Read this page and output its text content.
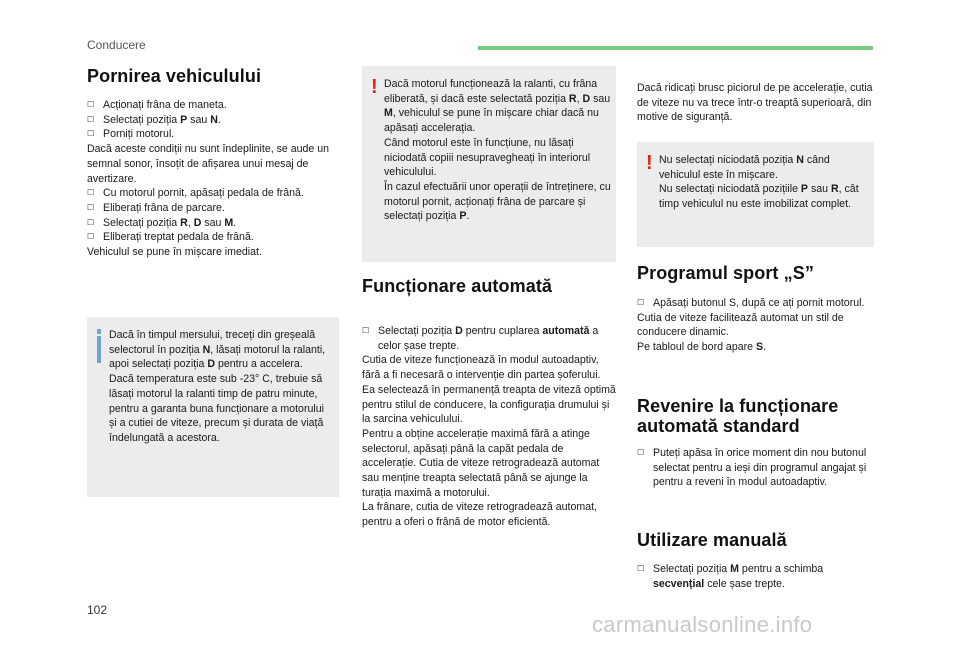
Conducere
Pornirea vehiculului
☐ Acționați frâna de maneta.
☐ Selectați poziția P sau N.
☐ Porniți motorul.

Dacă aceste condiții nu sunt îndeplinite, se aude un semnal sonor, însoțit de afișarea unui mesaj de avertizare.

☐ Cu motorul pornit, apăsați pedala de frână.
☐ Eliberați frâna de parcare.
☐ Selectați poziția R, D sau M.
☐ Eliberați treptat pedala de frână.

Vehiculul se pune în mișcare imediat.

Dacă în timpul mersului, treceți din greșeală selectorul în poziția N, lăsați motorul la ralanti, apoi selectați poziția D pentru a accelera.

Dacă temperatura este sub -23° C, trebuie să lăsați motorul la ralanti timp de patru minute, pentru a garanta buna funcționare a motorului și a cutiei de viteze, precum și durata de viață îndelungată a acestora.

! Dacă motorul funcționează la ralanti, cu frâna eliberată, și dacă este selectată poziția R, D sau M, vehiculul se pune în mișcare chiar dacă nu apăsați accelerația.

Când motorul este în funcțiune, nu lăsați niciodată copiii nesupravegheați în interiorul vehiculului.

În cazul efectuării unor operații de întreținere, cu motorul pornit, acționați frâna de parcare și selectați poziția P.

Funcționare automată
☐ Selectați poziția D pentru cuplarea automată a celor șase trepte.

Cutia de viteze funcționează în modul autoadaptiv, fără a fi necesară o intervenție din partea șoferului. Ea selectează în permanență treapta de viteză optimă pentru stilul de conducere, la configurația drumului și la sarcina vehiculului.

Pentru a obține accelerație maximă fără a atinge selectorul, apăsați până la capăt pedala de accelerație. Cutia de viteze retrogradează automat sau menține treapta selectată până se ajunge la turația maximă a motorului.

La frânare, cutia de viteze retrogradează automat, pentru a oferi o frână de motor eficientă.

Dacă ridicați brusc piciorul de pe accelerație, cutia de viteze nu va trece într-o treaptă superioară, din motive de siguranță.

! Nu selectați niciodată poziția N când vehiculul este în mișcare.

Nu selectați niciodată pozițiile P sau R, cât timp vehiculul nu este imobilizat complet.

Programul sport „S”
☐ Apăsați butonul S, după ce ați pornit motorul.

Cutia de viteze facilitează automat un stil de conducere dinamic.

Pe tabloul de bord apare S.

Revenire la funcționare
automată standard
☐ Puteți apăsa în orice moment din nou butonul selectat pentru a ieși din programul angajat și pentru a reveni în modul autoadaptiv.
Utilizare manuală
☐ Selectați poziția M pentru a schimba secvențial cele șase trepte.
102
carmanualsonline.info
